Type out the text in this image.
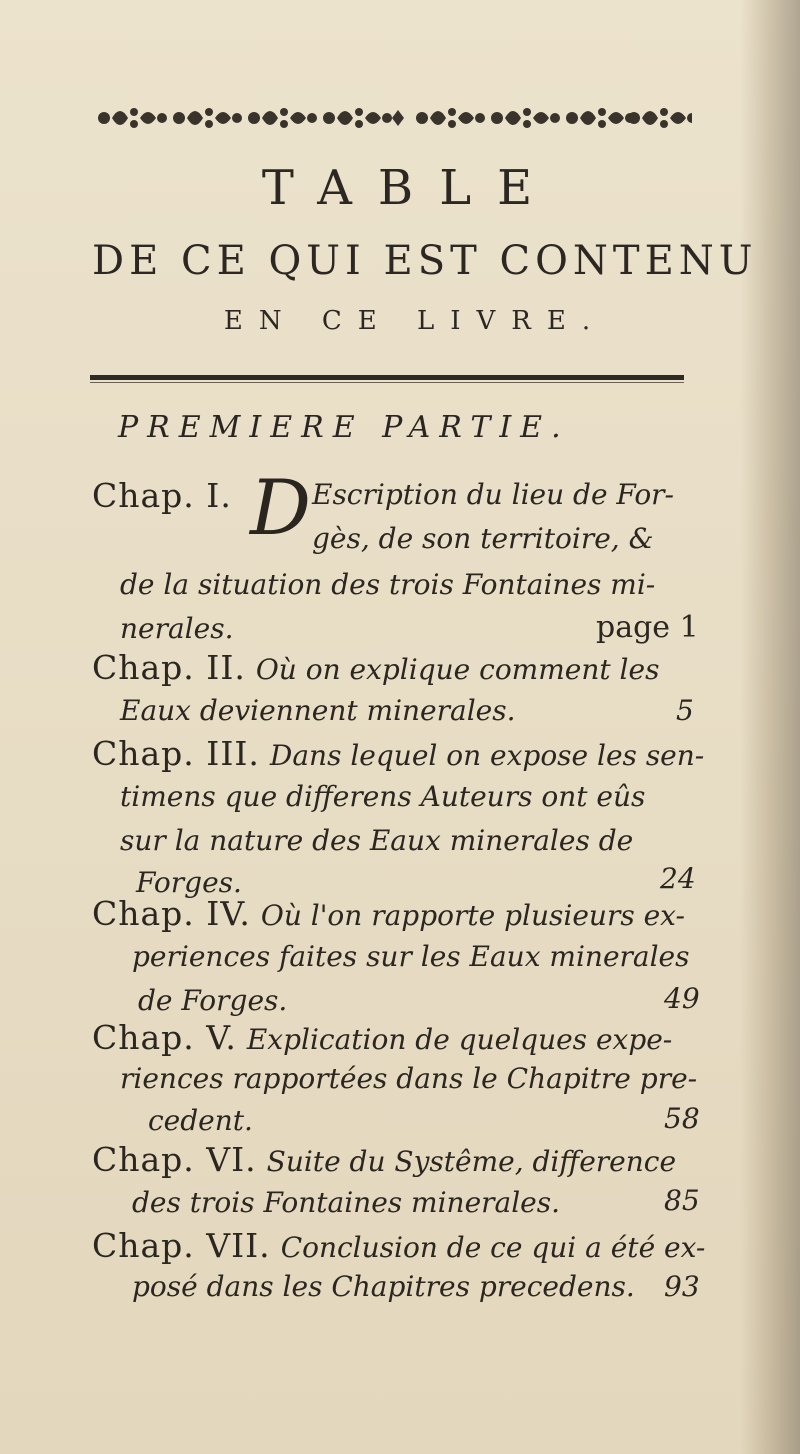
TABLE
DE CE QUI EST CONTENU
EN CE LIVRE.
PREMIERE PARTIE.
Chap. I. D Escription du lieu de For-
gès, de son territoire, &
de la situation des trois Fontaines mi-
nerales.	page 1
Chap. II. Où on explique comment les
Eaux deviennent minerales.	5
Chap. III. Dans lequel on expose les sen-
timens que differens Auteurs ont eûs
sur la nature des Eaux minerales de
Forges.	24
Chap. IV. Où l'on rapporte plusieurs ex-
periences faites sur les Eaux minerales
de Forges.	49
Chap. V. Explication de quelques expe-
riences rapportées dans le Chapitre pre-
cedent.	58
Chap. VI. Suite du Systême, difference
des trois Fontaines minerales.	85
Chap. VII. Conclusion de ce qui a été ex-
posé dans les Chapitres precedens. 93
